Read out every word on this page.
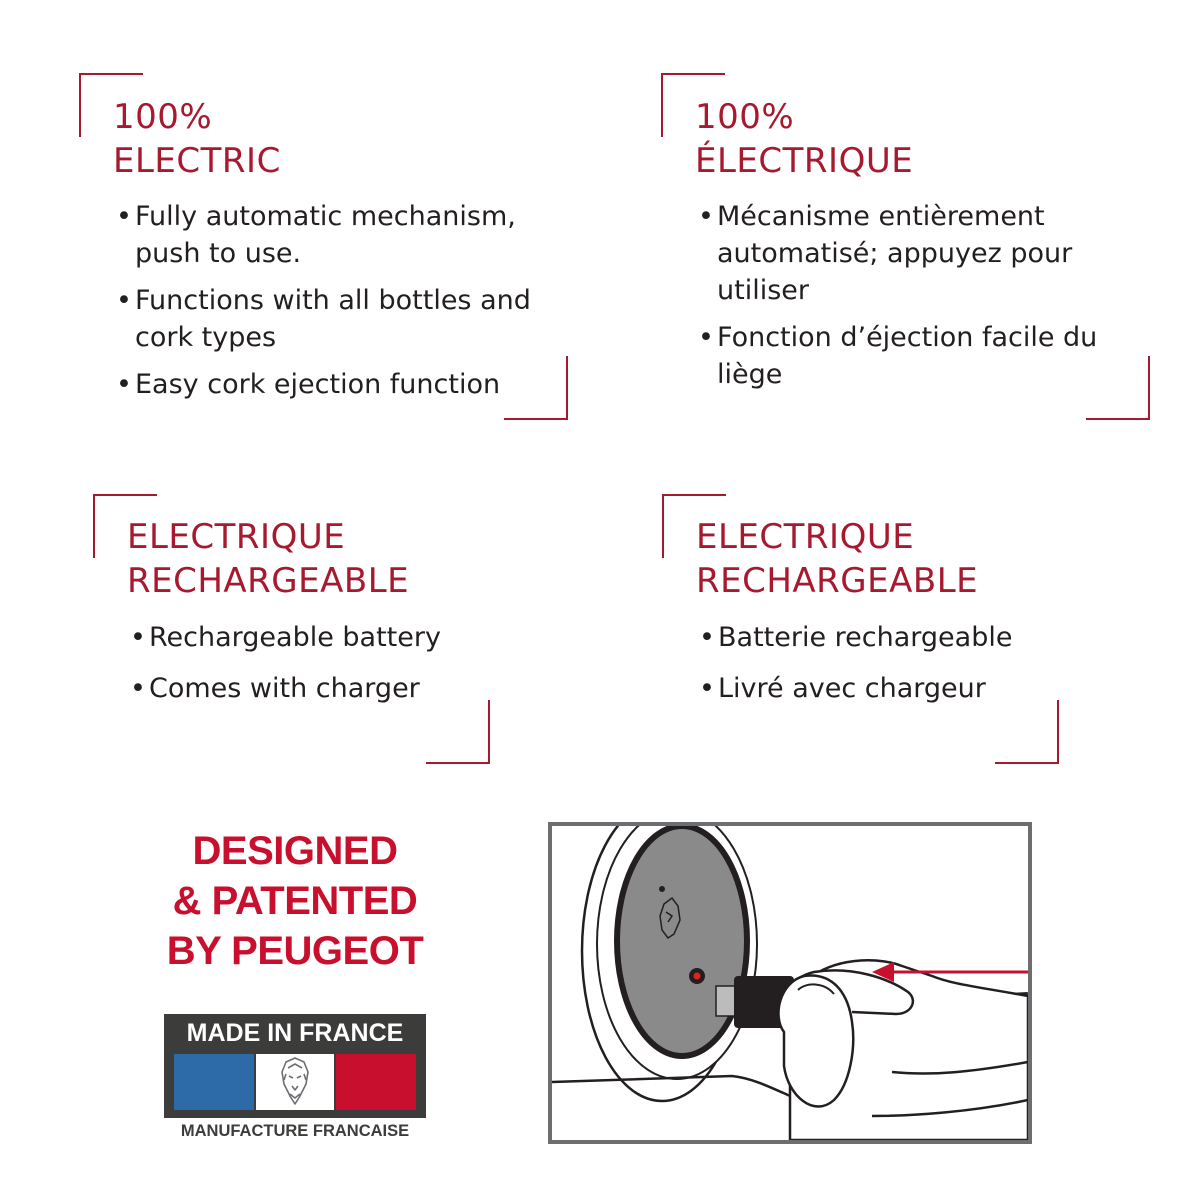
100%
ELECTRIC
• Fully automatic mechanism, push to use.
• Functions with all bottles and cork types
• Easy cork ejection function
100%
ÉLECTRIQUE
• Mécanisme entièrement automatisé; appuyez pour utiliser
• Fonction d’éjection facile du liège
ELECTRIQUE
RECHARGEABLE
• Rechargeable battery
• Comes with charger
ELECTRIQUE
RECHARGEABLE
• Batterie rechargeable
• Livré avec chargeur
DESIGNED
& PATENTED
BY PEUGEOT
MADE IN FRANCE
MANUFACTURE FRANCAISE
